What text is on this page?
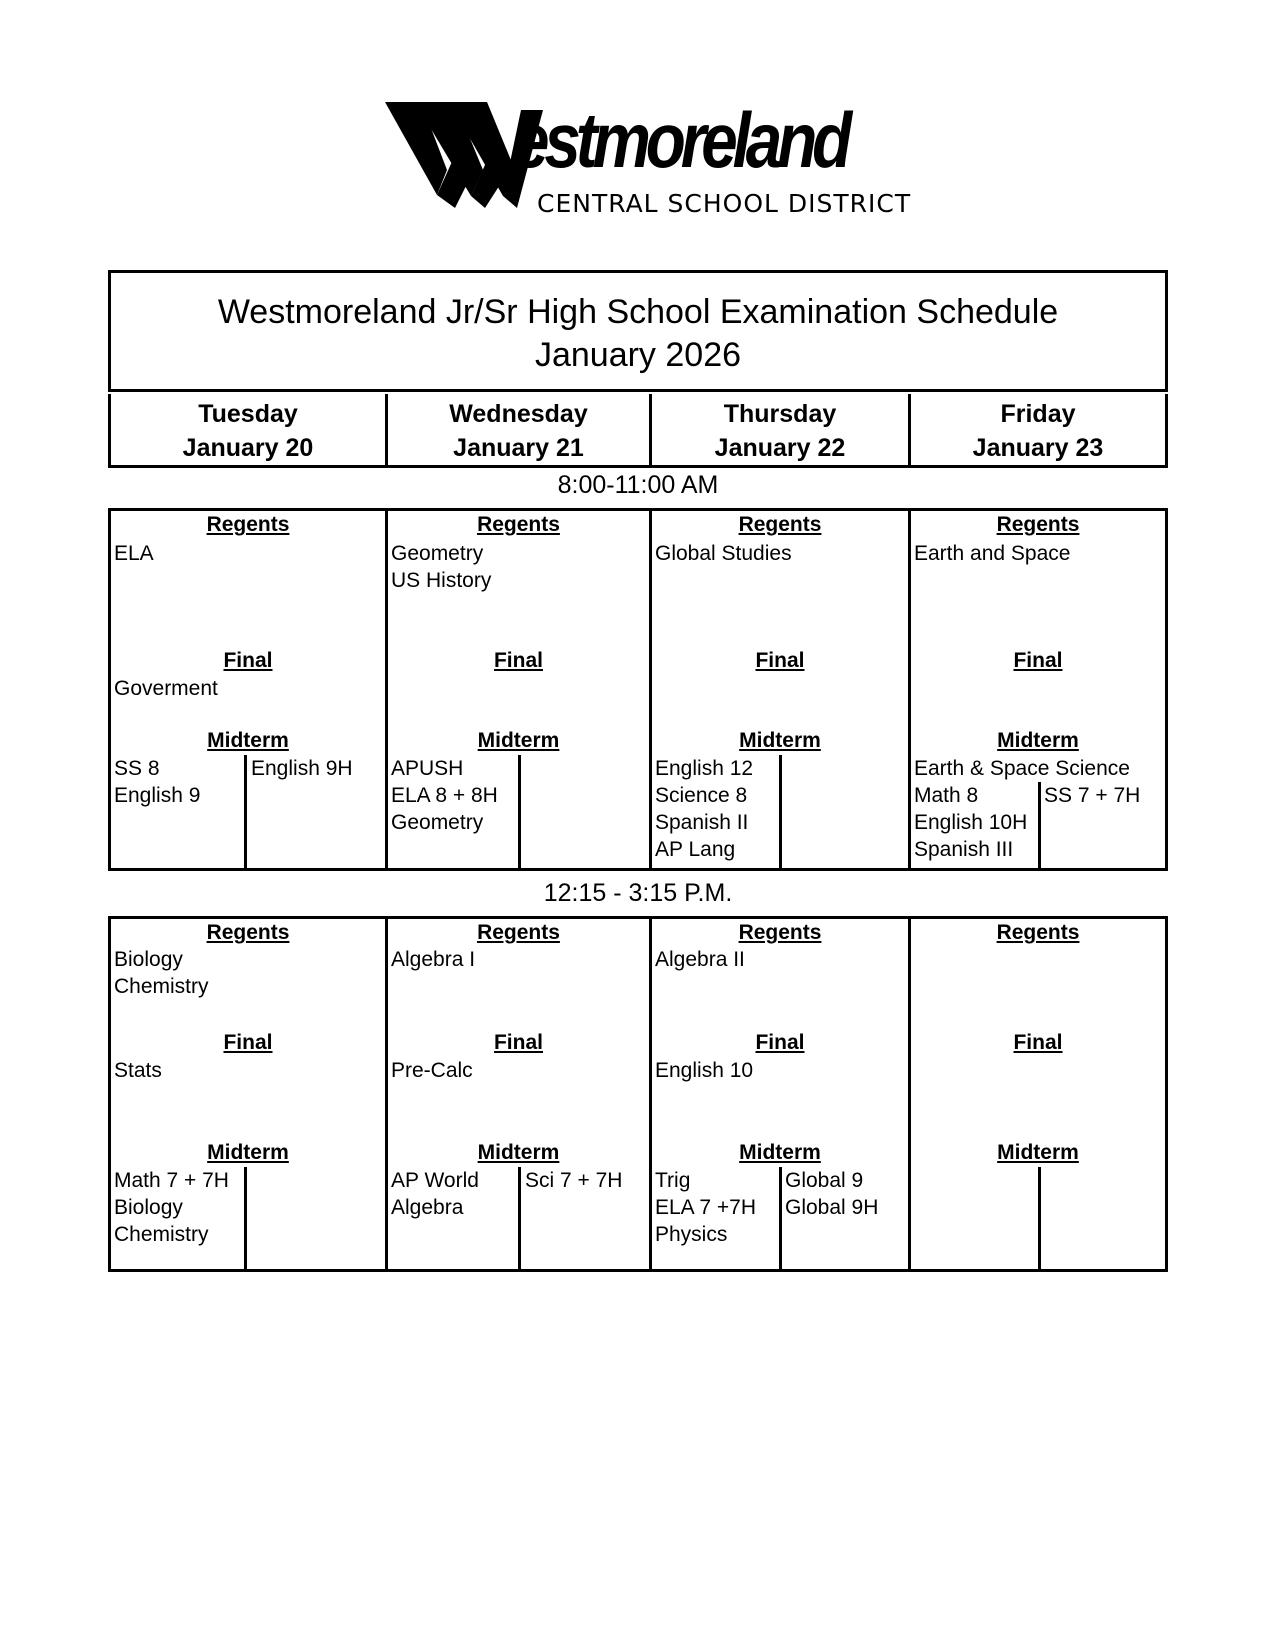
estmoreland
CENTRAL SCHOOL DISTRICT
Westmoreland Jr/Sr High School Examination Schedule
January 2026
Tuesday
January 20
Wednesday
January 21
Thursday
January 22
Friday
January 23
8:00-11:00 AM
Regents
ELA
Final
Goverment
Midterm
SS 8
English 9
English 9H
Regents
Geometry
US History
Final
Midterm
APUSH
ELA 8 + 8H
Geometry
Regents
Global Studies
Final
Midterm
English 12
Science 8
Spanish II
AP Lang
Regents
Earth and Space
Final
Midterm
Earth & Space Science
Math 8
English 10H
Spanish III
SS 7 + 7H
12:15 - 3:15 P.M.
Regents
Biology
Chemistry
Final
Stats
Midterm
Math 7 + 7H
Biology
Chemistry
Regents
Algebra I
Final
Pre-Calc
Midterm
AP World
Algebra
Sci 7 + 7H
Regents
Algebra II
Final
English 10
Midterm
Trig
ELA 7 +7H
Physics
Global 9
Global 9H
Regents
Final
Midterm
